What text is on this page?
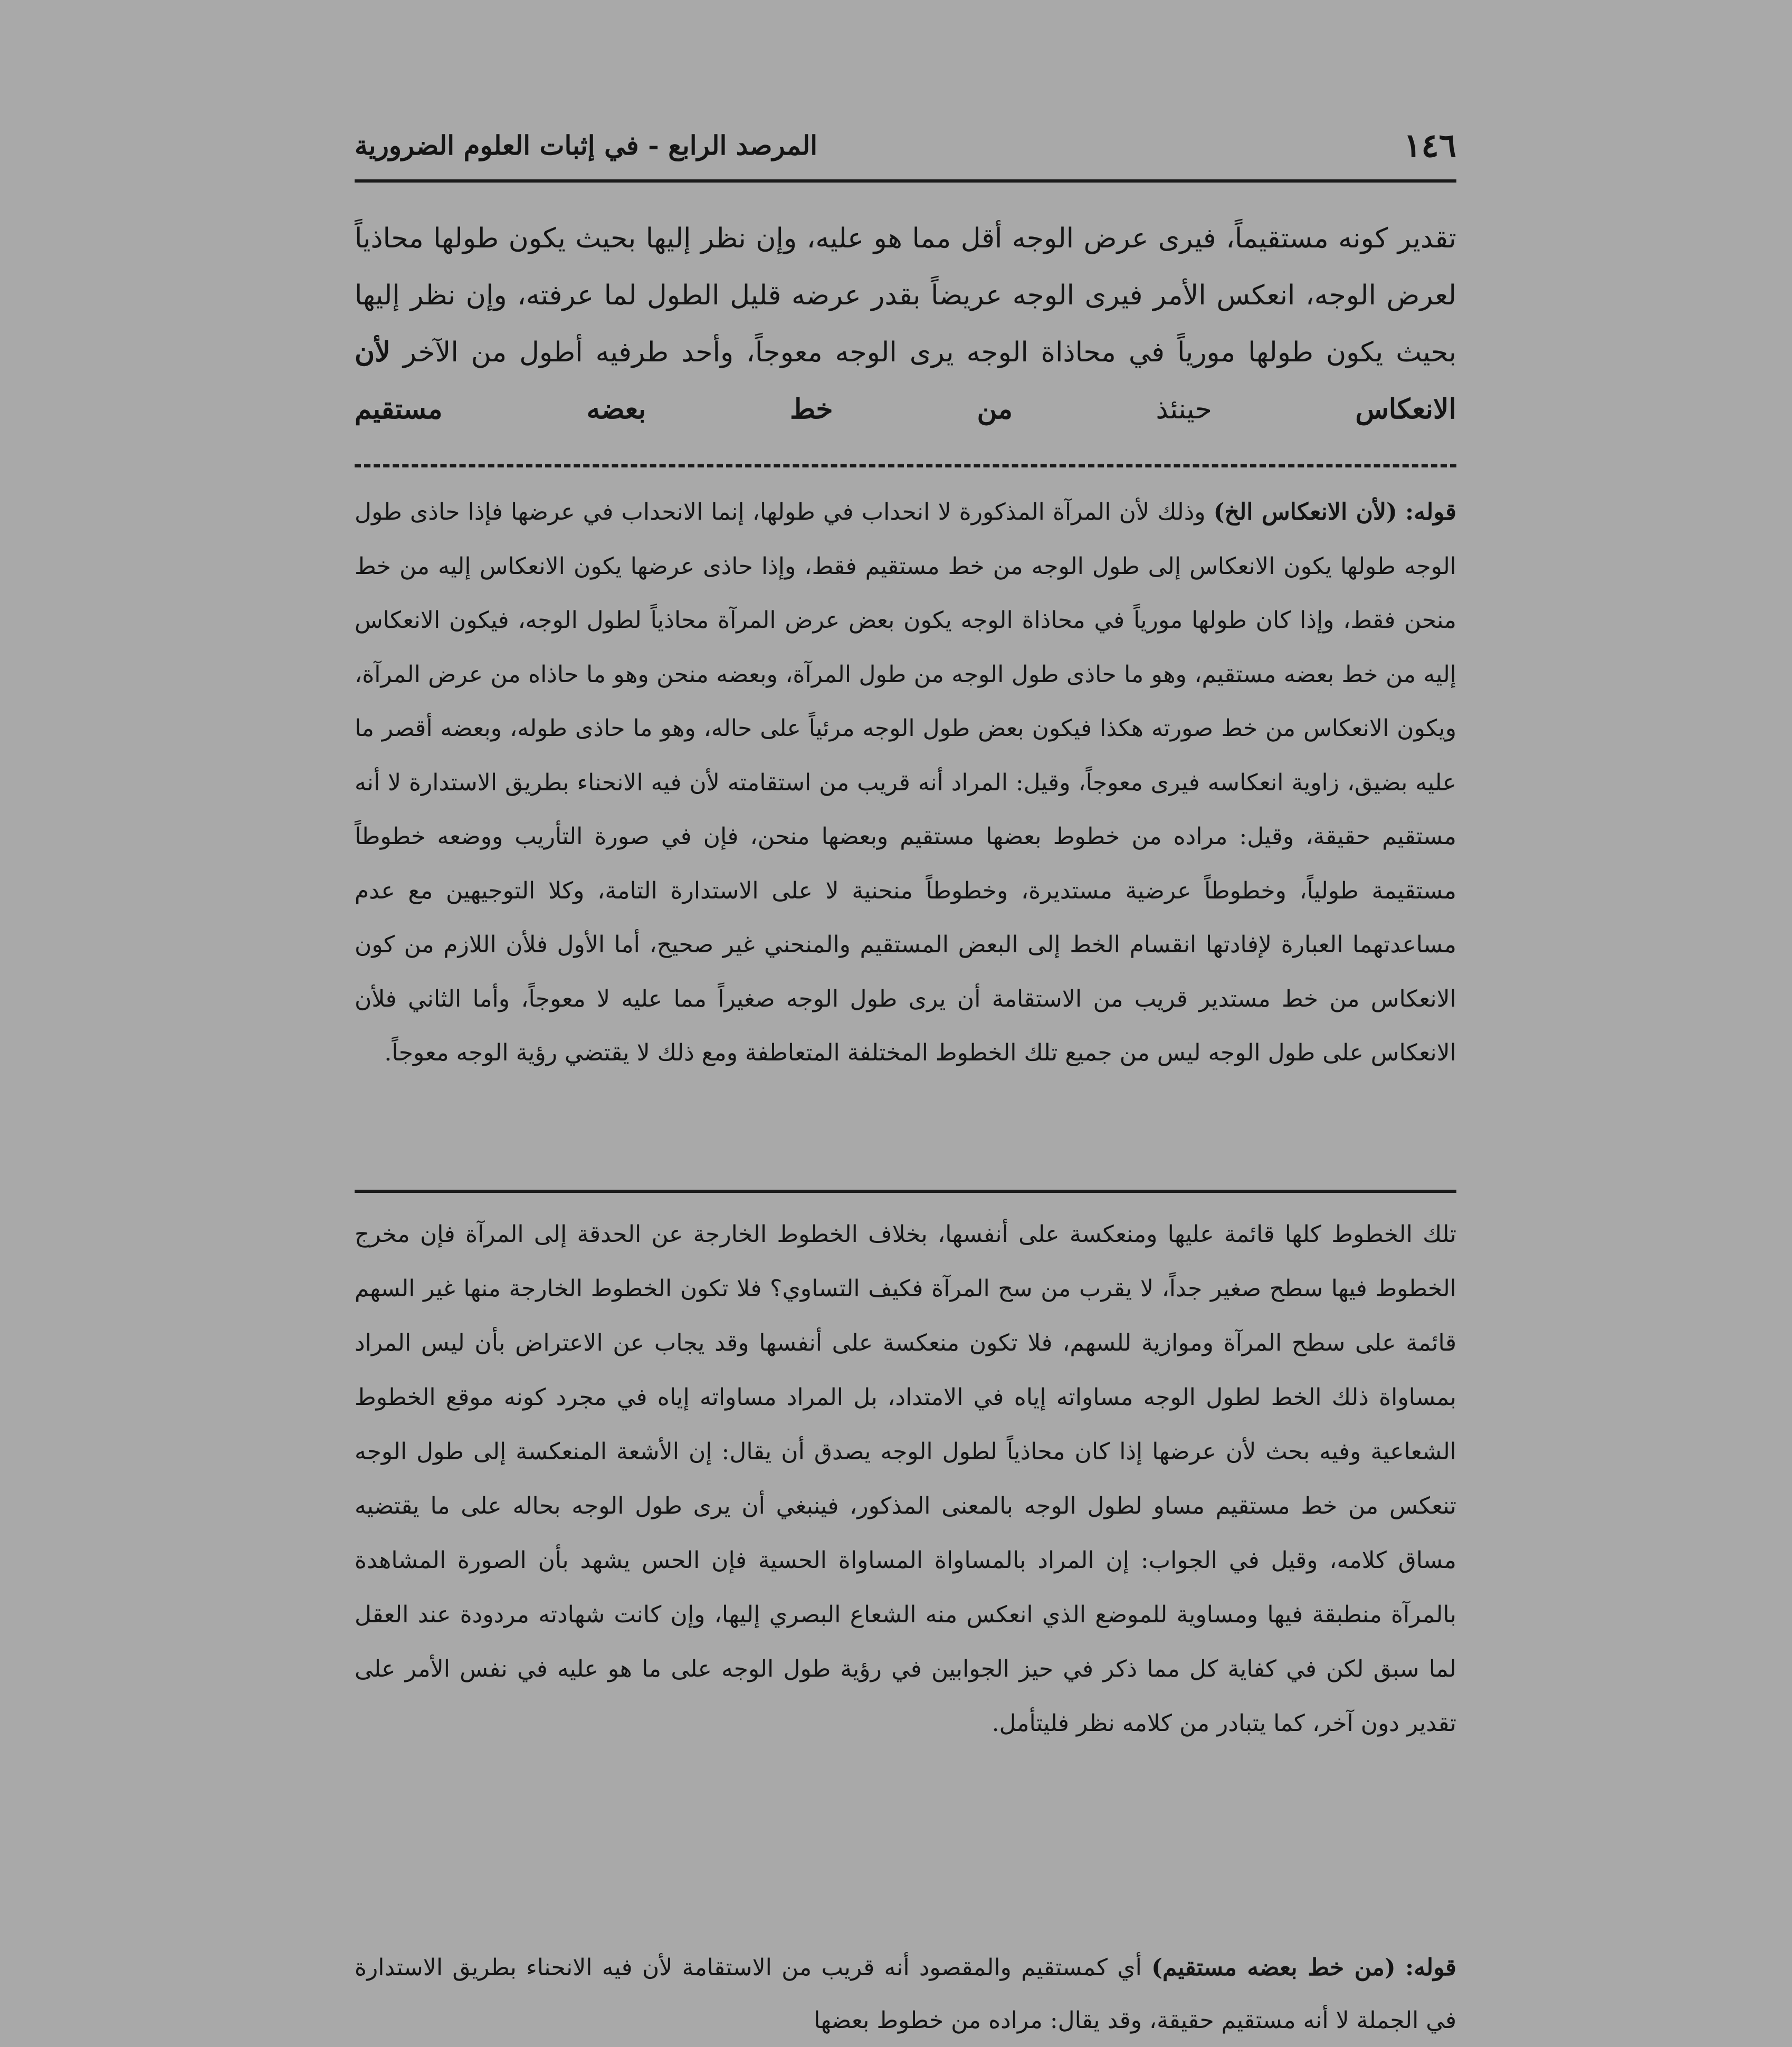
١٤٦
المرصد الرابع - في إثبات العلوم الضرورية

تقدير كونه مستقيماً، فيرى عرض الوجه أقل مما هو عليه، وإن نظر إليها بحيث يكون طولها محاذياً لعرض الوجه، انعكس الأمر فيرى الوجه عريضاً بقدر عرضه قليل الطول لما عرفته، وإن نظر إليها بحيث يكون طولها مورياً في محاذاة الوجه يرى الوجه معوجاً، وأحد طرفيه أطول من الآخر لأن الانعكاس حينئذ من خط بعضه مستقيم

قوله: (لأن الانعكاس الخ) وذلك لأن المرآة المذكورة لا انحداب في طولها، إنما الانحداب في عرضها فإذا حاذى طول الوجه طولها يكون الانعكاس إلى طول الوجه من خط مستقيم فقط، وإذا حاذى عرضها يكون الانعكاس إليه من خط منحن فقط، وإذا كان طولها مورياً في محاذاة الوجه يكون بعض عرض المرآة محاذياً لطول الوجه، فيكون الانعكاس إليه من خط بعضه مستقيم، وهو ما حاذى طول الوجه من طول المرآة، وبعضه منحن وهو ما حاذاه من عرض المرآة، ويكون الانعكاس من خط صورته هكذا فيكون بعض طول الوجه مرئياً على حاله، وهو ما حاذى طوله، وبعضه أقصر ما عليه بضيق، زاوية انعكاسه فيرى معوجاً، وقيل: المراد أنه قريب من استقامته لأن فيه الانحناء بطريق الاستدارة لا أنه مستقيم حقيقة، وقيل: مراده من خطوط بعضها مستقيم وبعضها منحن، فإن في صورة التأريب ووضعه خطوطاً مستقيمة طولياً، وخطوطاً عرضية مستديرة، وخطوطاً منحنية لا على الاستدارة التامة، وكلا التوجيهين مع عدم مساعدتهما العبارة لإفادتها انقسام الخط إلى البعض المستقيم والمنحني غير صحيح، أما الأول فلأن اللازم من كون الانعكاس من خط مستدير قريب من الاستقامة أن يرى طول الوجه صغيراً مما عليه لا معوجاً، وأما الثاني فلأن الانعكاس على طول الوجه ليس من جميع تلك الخطوط المختلفة المتعاطفة ومع ذلك لا يقتضي رؤية الوجه معوجاً.

تلك الخطوط كلها قائمة عليها ومنعكسة على أنفسها، بخلاف الخطوط الخارجة عن الحدقة إلى المرآة فإن مخرج الخطوط فيها سطح صغير جداً، لا يقرب من سح المرآة فكيف التساوي؟ فلا تكون الخطوط الخارجة منها غير السهم قائمة على سطح المرآة وموازية للسهم، فلا تكون منعكسة على أنفسها وقد يجاب عن الاعتراض بأن ليس المراد بمساواة ذلك الخط لطول الوجه مساواته إياه في الامتداد، بل المراد مساواته إياه في مجرد كونه موقع الخطوط الشعاعية وفيه بحث لأن عرضها إذا كان محاذياً لطول الوجه يصدق أن يقال: إن الأشعة المنعكسة إلى طول الوجه تنعكس من خط مستقيم مساو لطول الوجه بالمعنى المذكور، فينبغي أن يرى طول الوجه بحاله على ما يقتضيه مساق كلامه، وقيل في الجواب: إن المراد بالمساواة المساواة الحسية فإن الحس يشهد بأن الصورة المشاهدة بالمرآة منطبقة فيها ومساوية للموضع الذي انعكس منه الشعاع البصري إليها، وإن كانت شهادته مردودة عند العقل لما سبق لكن في كفاية كل مما ذكر في حيز الجوابين في رؤية طول الوجه على ما هو عليه في نفس الأمر على تقدير دون آخر، كما يتبادر من كلامه نظر فليتأمل.

قوله: (من خط بعضه مستقيم) أي كمستقيم والمقصود أنه قريب من الاستقامة لأن فيه الانحناء بطريق الاستدارة في الجملة لا أنه مستقيم حقيقة، وقد يقال: مراده من خطوط بعضها
